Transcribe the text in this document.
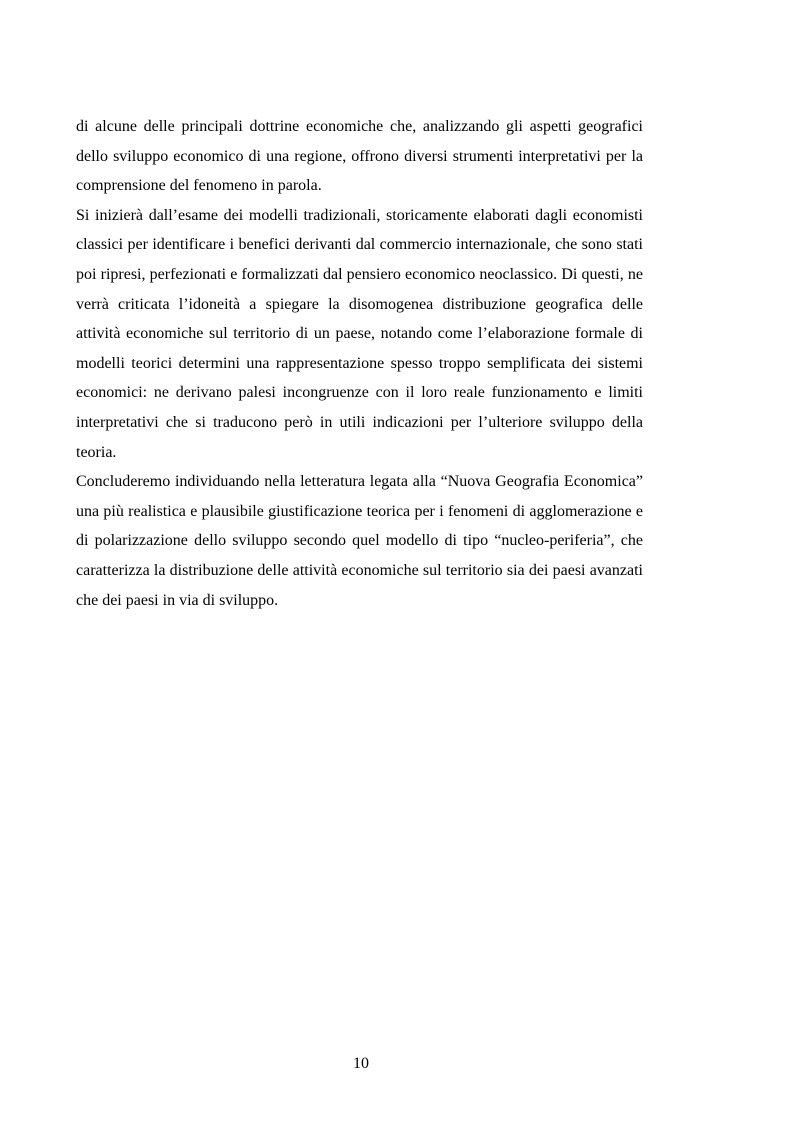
di alcune delle principali dottrine economiche che, analizzando gli aspetti geografici dello sviluppo economico di una regione, offrono diversi strumenti interpretativi per la comprensione del fenomeno in parola.

Si inizierà dall’esame dei modelli tradizionali, storicamente elaborati dagli economisti classici per identificare i benefici derivanti dal commercio internazionale, che sono stati poi ripresi, perfezionati e formalizzati dal pensiero economico neoclassico. Di questi, ne verrà criticata l’idoneità a spiegare la disomogenea distribuzione geografica delle attività economiche sul territorio di un paese, notando come l’elaborazione formale di modelli teorici determini una rappresentazione spesso troppo semplificata dei sistemi economici: ne derivano palesi incongruenze con il loro reale funzionamento e limiti interpretativi che si traducono però in utili indicazioni per l’ulteriore sviluppo della teoria.

Concluderemo individuando nella letteratura legata alla “Nuova Geografia Economica” una più realistica e plausibile giustificazione teorica per i fenomeni di agglomerazione e di polarizzazione dello sviluppo secondo quel modello di tipo “nucleo-periferia”, che caratterizza la distribuzione delle attività economiche sul territorio sia dei paesi avanzati che dei paesi in via di sviluppo.

10
